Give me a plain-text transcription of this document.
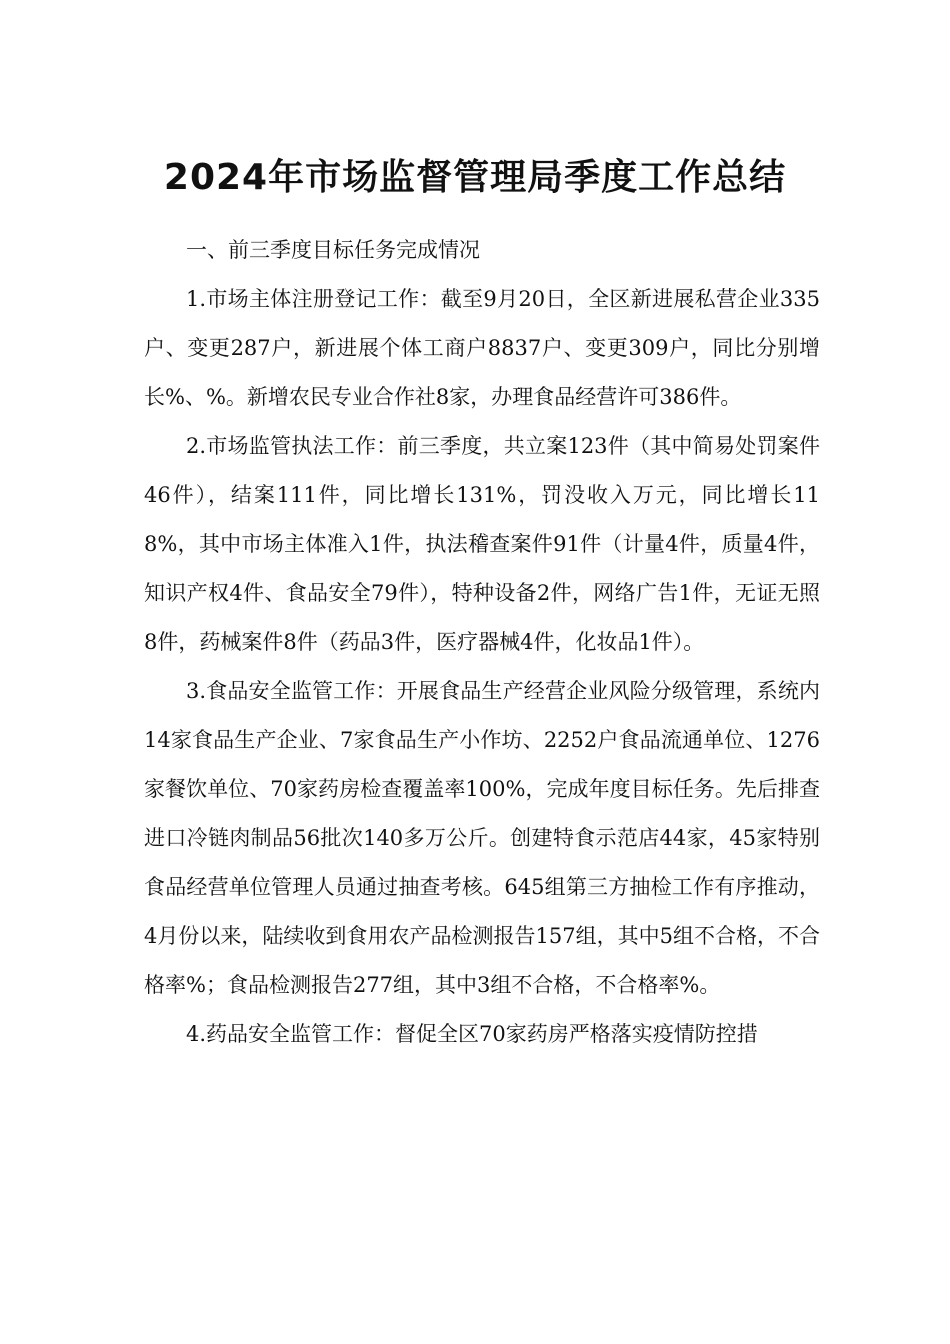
2024年市场监督管理局季度工作总结

一、前三季度目标任务完成情况

1.市场主体注册登记工作：截至9月20日，全区新进展私营企业335户、变更287户，新进展个体工商户8837户、变更309户，同比分别增长%、%。新增农民专业合作社8家，办理食品经营许可386件。

2.市场监管执法工作：前三季度，共立案123件（其中简易处罚案件46件），结案111件，同比增长131%，罚没收入万元，同比增长118%，其中市场主体准入1件，执法稽查案件91件（计量4件，质量4件，知识产权4件、食品安全79件），特种设备2件，网络广告1件，无证无照8件，药械案件8件（药品3件，医疗器械4件，化妆品1件）。

3.食品安全监管工作：开展食品生产经营企业风险分级管理，系统内14家食品生产企业、7家食品生产小作坊、2252户食品流通单位、1276家餐饮单位、70家药房检查覆盖率100%，完成年度目标任务。先后排查进口冷链肉制品56批次140多万公斤。创建特食示范店44家，45家特别食品经营单位管理人员通过抽查考核。645组第三方抽检工作有序推动，4月份以来，陆续收到食用农产品检测报告157组，其中5组不合格，不合格率%；食品检测报告277组，其中3组不合格，不合格率%。

4.药品安全监管工作：督促全区70家药房严格落实疫情防控措
